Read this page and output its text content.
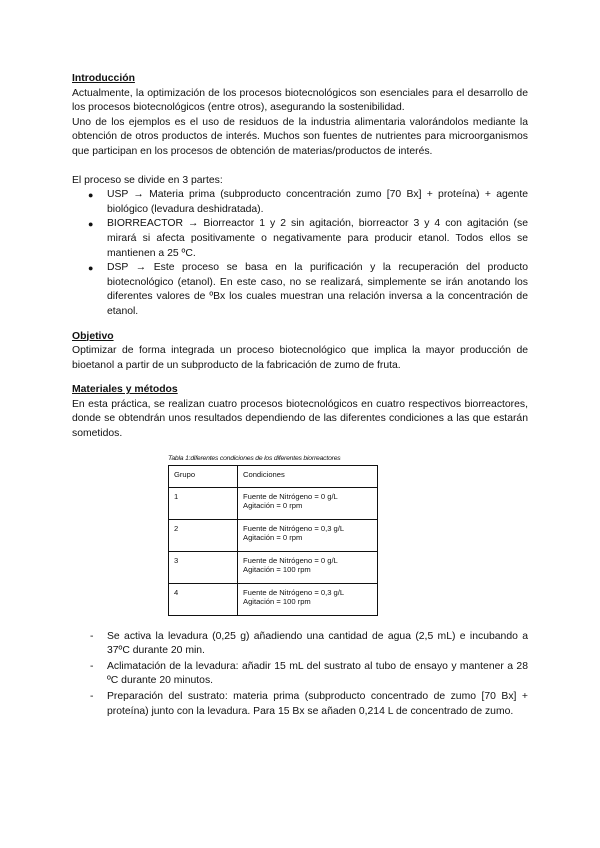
Introducción

Actualmente, la optimización de los procesos biotecnológicos son esenciales para el desarrollo de los procesos biotecnológicos (entre otros), asegurando la sostenibilidad.

Uno de los ejemplos es el uso de residuos de la industria alimentaria valorándolos mediante la obtención de otros productos de interés. Muchos son fuentes de nutrientes para microorganismos que participan en los procesos de obtención de materias/productos de interés.

El proceso se divide en 3 partes:

● USP → Materia prima (subproducto concentración zumo [70 Bx] + proteína) + agente biológico (levadura deshidratada).
● BIORREACTOR → Biorreactor 1 y 2 sin agitación, biorreactor 3 y 4 con agitación (se mirará si afecta positivamente o negativamente para producir etanol. Todos ellos se mantienen a 25 ºC.
● DSP → Este proceso se basa en la purificación y la recuperación del producto biotecnológico (etanol). En este caso, no se realizará, simplemente se irán anotando los diferentes valores de ºBx los cuales muestran una relación inversa a la concentración de etanol.
Objetivo

Optimizar de forma integrada un proceso biotecnológico que implica la mayor producción de bioetanol a partir de un subproducto de la fabricación de zumo de fruta.

Materiales y métodos

En esta práctica, se realizan cuatro procesos biotecnológicos en cuatro respectivos biorreactores, donde se obtendrán unos resultados dependiendo de las diferentes condiciones a las que estarán sometidos.

Tabla 1:diferentes condiciones de los diferentes biorreactores
Grupo	Condiciones
1	Fuente de Nitrógeno = 0 g/L
Agitación = 0 rpm

2	Fuente de Nitrógeno = 0,3 g/L
Agitación = 0 rpm

3	Fuente de Nitrógeno = 0 g/L
Agitación = 100 rpm

4	Fuente de Nitrógeno = 0,3 g/L
Agitación = 100 rpm
- Se activa la levadura (0,25 g) añadiendo una cantidad de agua (2,5 mL) e incubando a 37ºC durante 20 min.
- Aclimatación de la levadura: añadir 15 mL del sustrato al tubo de ensayo y mantener a 28 ºC durante 20 minutos.
- Preparación del sustrato: materia prima (subproducto concentrado de zumo [70 Bx] + proteína) junto con la levadura. Para 15 Bx se añaden 0,214 L de concentrado de zumo.
